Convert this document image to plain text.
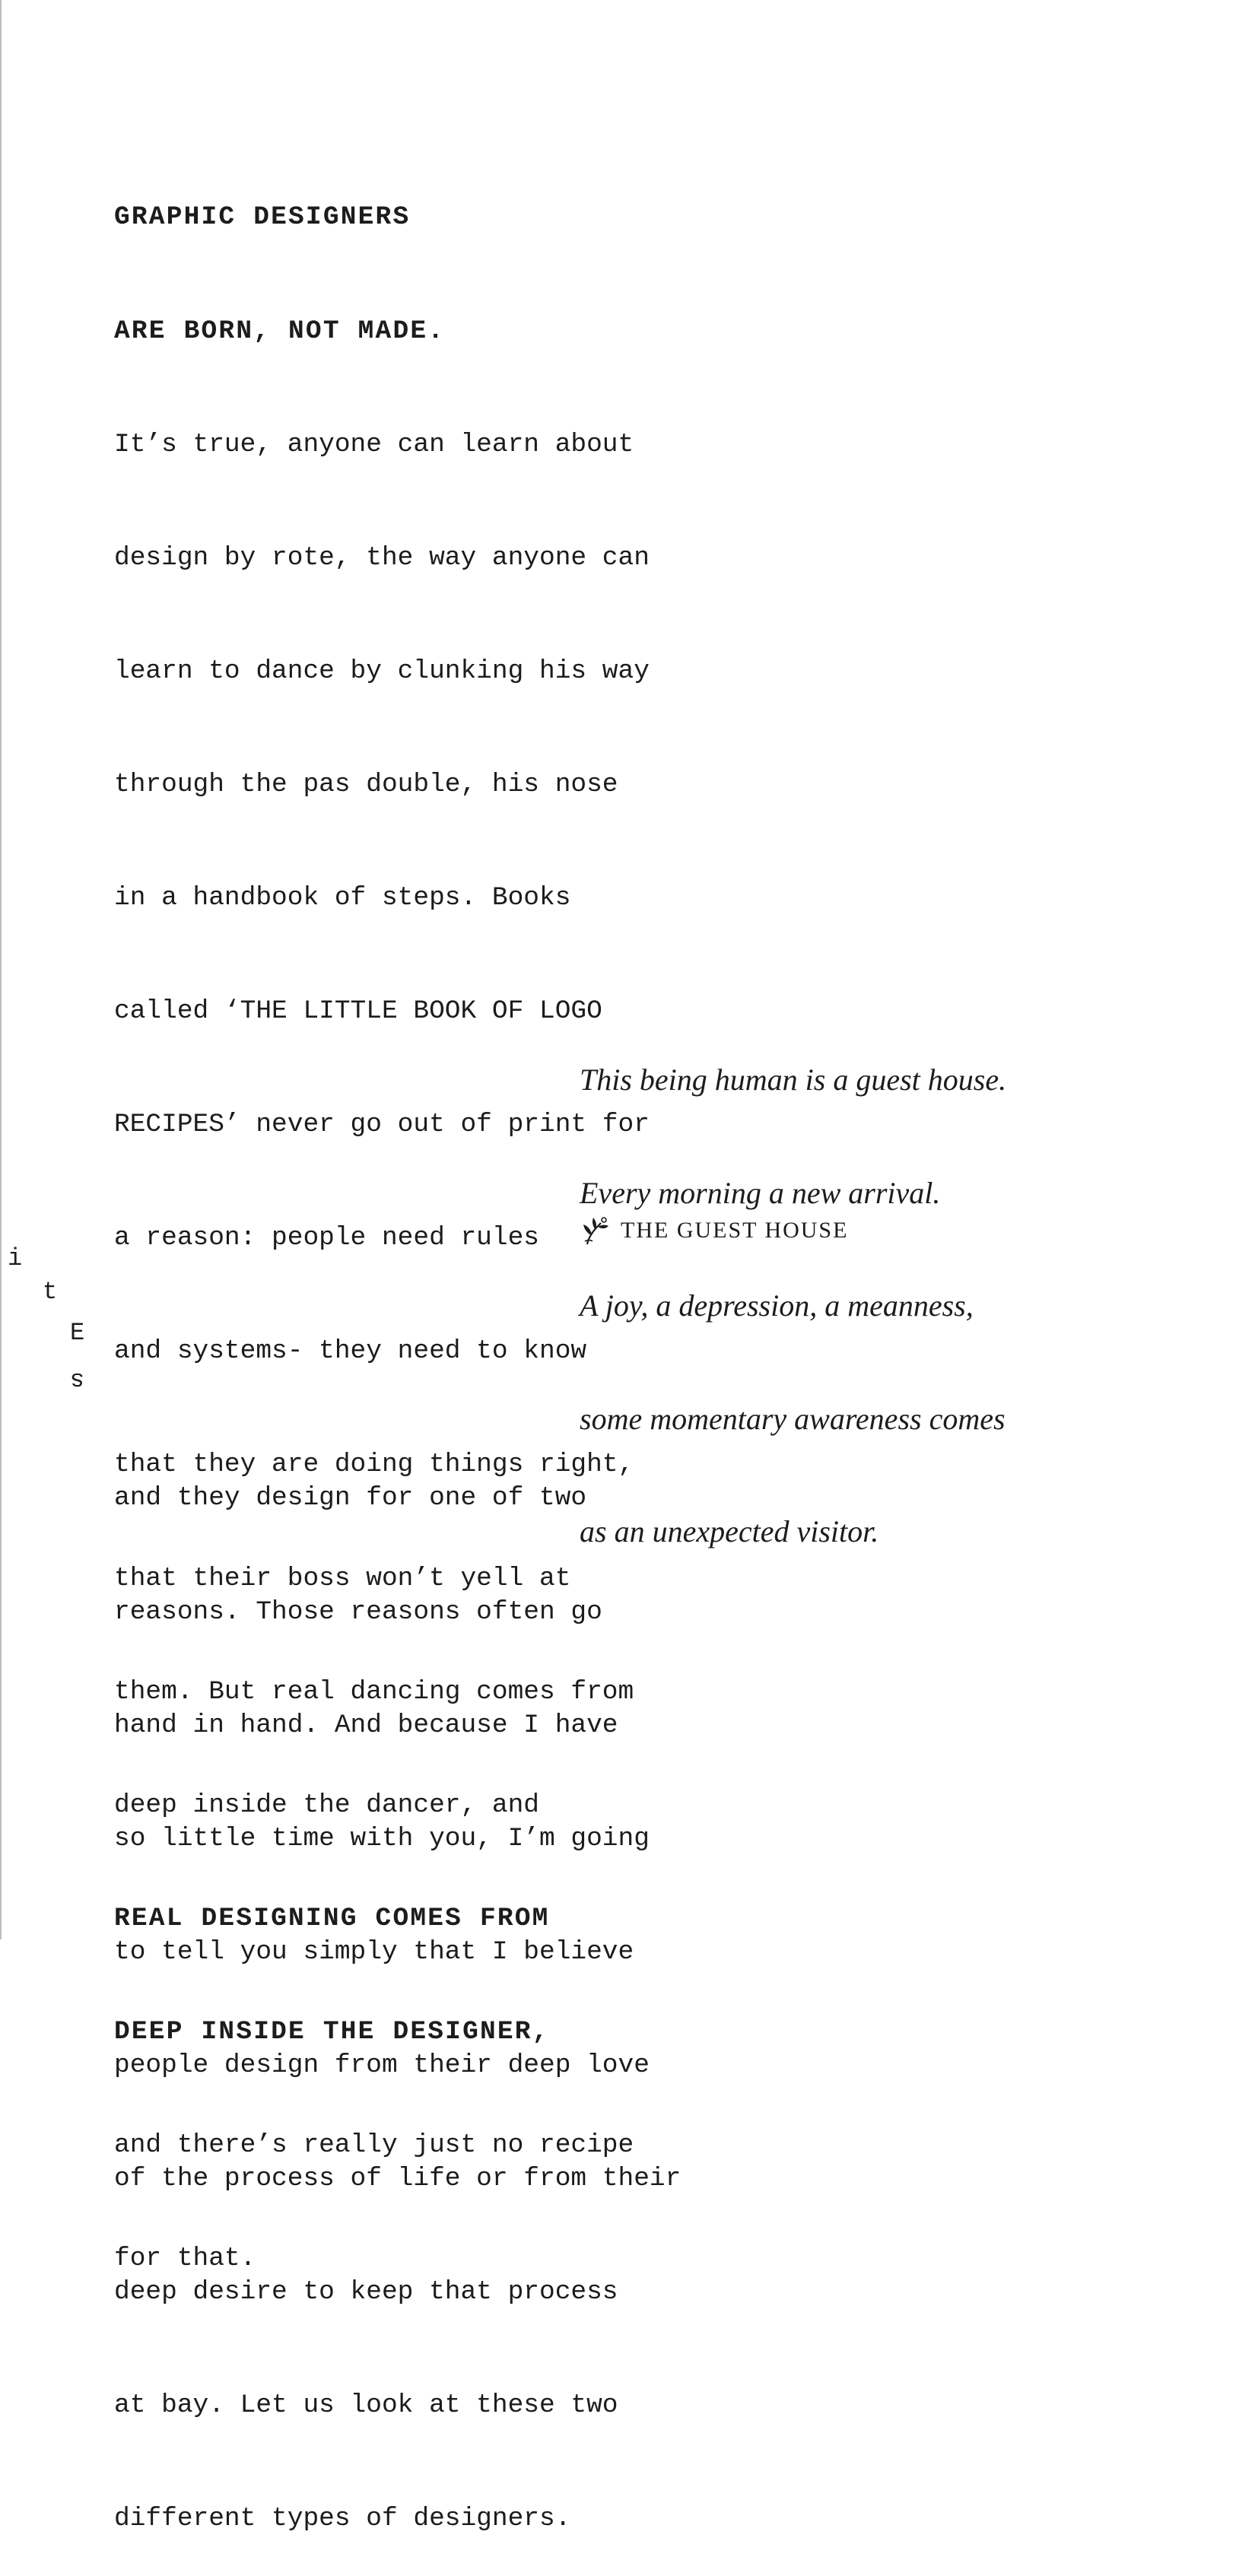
GRAPHIC DESIGNERS

ARE BORN, NOT MADE.

It’s true, anyone can learn about

design by rote, the way anyone can

learn to dance by clunking his way

through the pas double, his nose

in a handbook of steps. Books

called ‘THE LITTLE BOOK OF LOGO

RECIPES’ never go out of print for

a reason: people need rules

and systems- they need to know

that they are doing things right,

that their boss won’t yell at

them. But real dancing comes from

deep inside the dancer, and

REAL DESIGNING COMES FROM

DEEP INSIDE THE DESIGNER,

and there’s really just no recipe

for that.

This being human is a guest house.

Every morning a new arrival.

A joy, a depression, a meanness,

some momentary awareness comes

as an unexpected visitor.

THE GUEST HOUSE
i
t
E
s

and they design for one of two

reasons. Those reasons often go

hand in hand. And because I have

so little time with you, I’m going

to tell you simply that I believe

people design from their deep love

of the process of life or from their

deep desire to keep that process

at bay. Let us look at these two

different types of designers.
